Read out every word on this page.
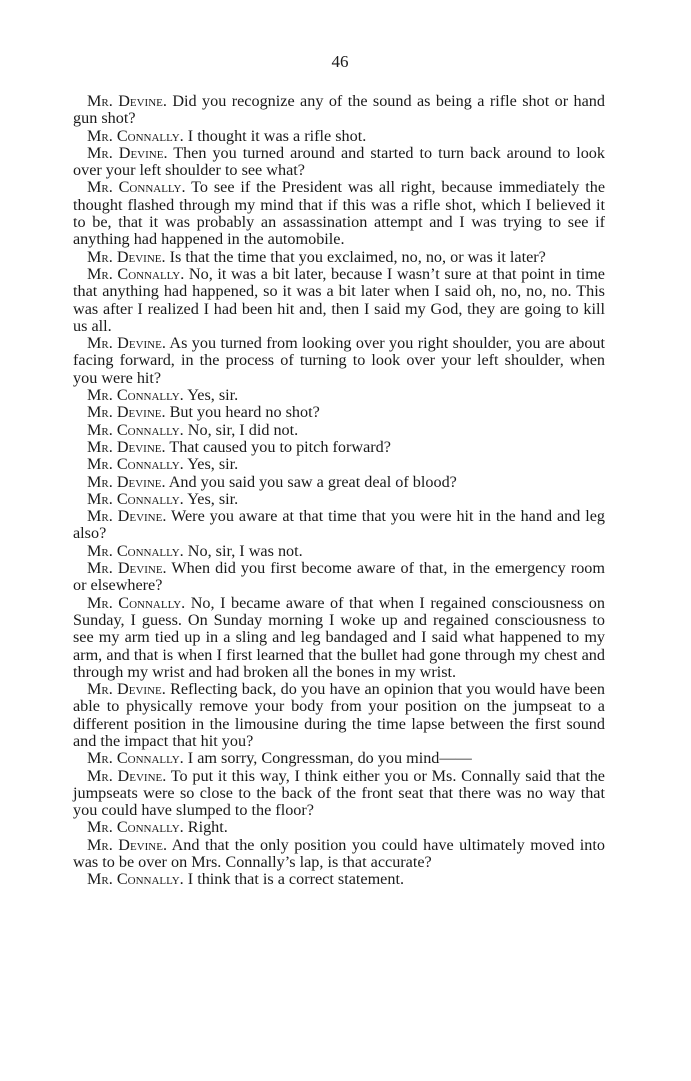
46

Mr. Devine. Did you recognize any of the sound as being a rifle shot or hand gun shot?

Mr. Connally. I thought it was a rifle shot.

Mr. Devine. Then you turned around and started to turn back around to look over your left shoulder to see what?

Mr. Connally. To see if the President was all right, because immediately the thought flashed through my mind that if this was a rifle shot, which I believed it to be, that it was probably an assassination attempt and I was trying to see if anything had happened in the automobile.

Mr. Devine. Is that the time that you exclaimed, no, no, or was it later?

Mr. Connally. No, it was a bit later, because I wasn’t sure at that point in time that anything had happened, so it was a bit later when I said oh, no, no, no. This was after I realized I had been hit and, then I said my God, they are going to kill us all.

Mr. Devine. As you turned from looking over you right shoulder, you are about facing forward, in the process of turning to look over your left shoulder, when you were hit?

Mr. Connally. Yes, sir.

Mr. Devine. But you heard no shot?

Mr. Connally. No, sir, I did not.

Mr. Devine. That caused you to pitch forward?

Mr. Connally. Yes, sir.

Mr. Devine. And you said you saw a great deal of blood?

Mr. Connally. Yes, sir.

Mr. Devine. Were you aware at that time that you were hit in the hand and leg also?

Mr. Connally. No, sir, I was not.

Mr. Devine. When did you first become aware of that, in the emergency room or elsewhere?

Mr. Connally. No, I became aware of that when I regained consciousness on Sunday, I guess. On Sunday morning I woke up and regained consciousness to see my arm tied up in a sling and leg bandaged and I said what happened to my arm, and that is when I first learned that the bullet had gone through my chest and through my wrist and had broken all the bones in my wrist.

Mr. Devine. Reflecting back, do you have an opinion that you would have been able to physically remove your body from your position on the jumpseat to a different position in the limousine during the time lapse between the first sound and the impact that hit you?

Mr. Connally. I am sorry, Congressman, do you mind——

Mr. Devine. To put it this way, I think either you or Ms. Connally said that the jumpseats were so close to the back of the front seat that there was no way that you could have slumped to the floor?

Mr. Connally. Right.

Mr. Devine. And that the only position you could have ultimately moved into was to be over on Mrs. Connally’s lap, is that accurate?

Mr. Connally. I think that is a correct statement.
